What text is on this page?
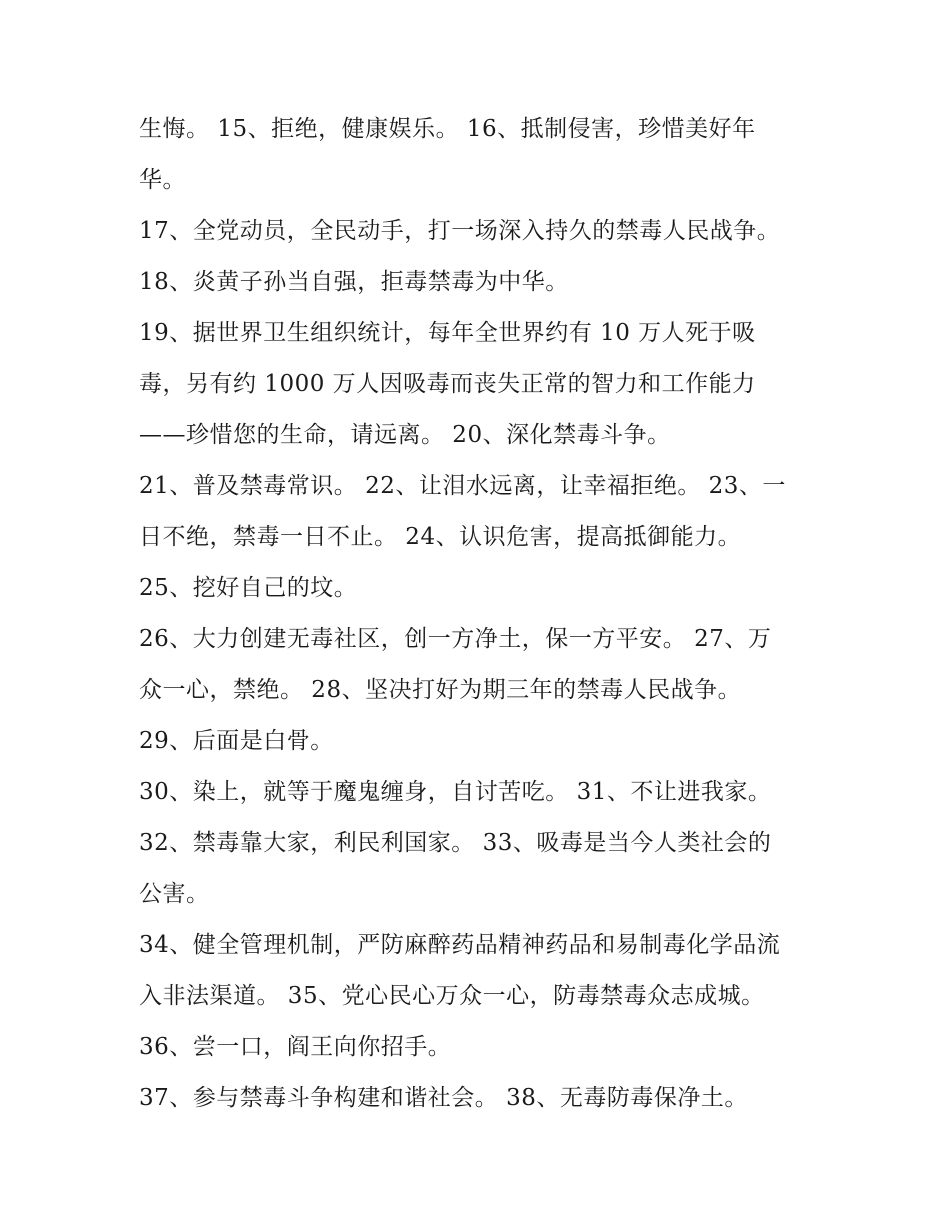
生悔。 15、拒绝，健康娱乐。 16、抵制侵害，珍惜美好年
华。
17、全党动员，全民动手，打一场深入持久的禁毒人民战争。
18、炎黄子孙当自强，拒毒禁毒为中华。
19、据世界卫生组织统计，每年全世界约有 10 万人死于吸
毒，另有约 1000 万人因吸毒而丧失正常的智力和工作能力
——珍惜您的生命，请远离。 20、深化禁毒斗争。
21、普及禁毒常识。 22、让泪水远离，让幸福拒绝。 23、一
日不绝，禁毒一日不止。 24、认识危害，提高抵御能力。
25、挖好自己的坟。
26、大力创建无毒社区，创一方净土，保一方平安。 27、万
众一心，禁绝。 28、坚决打好为期三年的禁毒人民战争。
29、后面是白骨。
30、染上，就等于魔鬼缠身，自讨苦吃。 31、不让进我家。
32、禁毒靠大家，利民利国家。 33、吸毒是当今人类社会的
公害。
34、健全管理机制，严防麻醉药品精神药品和易制毒化学品流
入非法渠道。 35、党心民心万众一心，防毒禁毒众志成城。
36、尝一口，阎王向你招手。
37、参与禁毒斗争构建和谐社会。 38、无毒防毒保净土。
